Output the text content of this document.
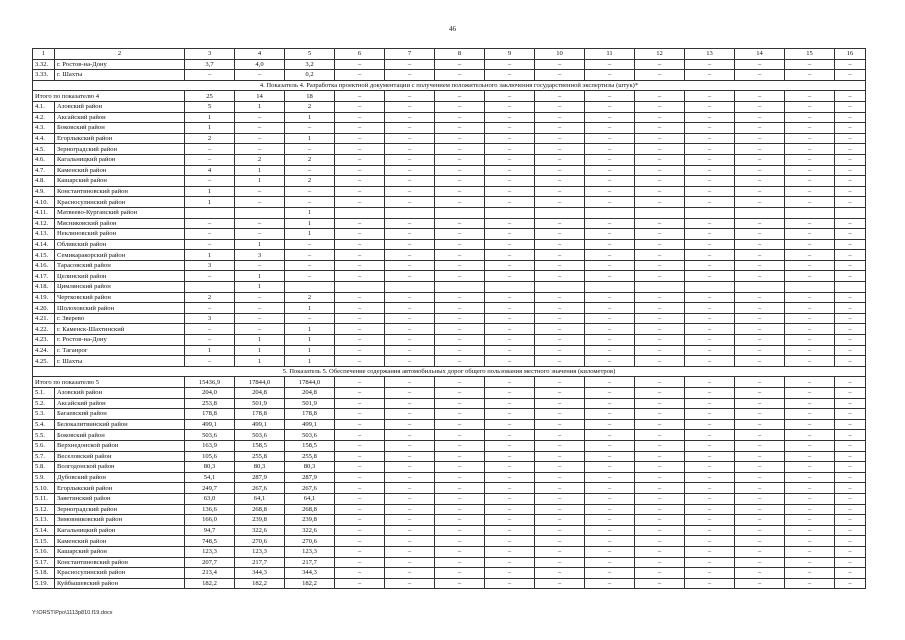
46
1	2	3	4	5	6	7	8	9	10	11	12	13	14	15	16
3.32.	г. Ростов-на-Дону	3,7	4,0	3,2	–	–	–	–	–	–	–	–	–	–	–
3.33.	г. Шахты	–	–	0,2	–	–	–	–	–	–	–	–	–	–	–
4. Показатель 4. Разработка проектной документации с получением положительного заключения государственной экспертизы (штук)*															
Итого по показателю 4		25	14	18	–	–	–	–	–	–	–	–	–	–	–
4.1.	Азовский район	5	1	2	–	–	–	–	–	–	–	–	–	–	–
4.2.	Аксайский район	1	–	1	–	–	–	–	–	–	–	–	–	–	–
4.3.	Боковский район	1	–	–	–	–	–	–	–	–	–	–	–	–	–
4.4.	Егорлыкский район	2	–	1	–	–	–	–	–	–	–	–	–	–	–
4.5.	Зерноградский район	–	–	–	–	–	–	–	–	–	–	–	–	–	–
4.6.	Кагальницкий район	–	2	2	–	–	–	–	–	–	–	–	–	–	–
4.7.	Каменский район	4	1	–	–	–	–	–	–	–	–	–	–	–	–
4.8.	Кашарский район	–	1	2	–	–	–	–	–	–	–	–	–	–	–
4.9.	Константиновский район	1	–	–	–	–	–	–	–	–	–	–	–	–	–
4.10.	Красносулинский район	1	–	–	–	–	–	–	–	–	–	–	–	–	–
4.11.	Матвеево-Курганский район			1											
4.12.	Мясниковский район	–	–	1	–	–	–	–	–	–	–	–	–	–	–
4.13.	Неклиновский район	–	–	1	–	–	–	–	–	–	–	–	–	–	–
4.14.	Обливский район	–	1	–	–	–	–	–	–	–	–	–	–	–	–
4.15.	Семикаракорский район	1	3	–	–	–	–	–	–	–	–	–	–	–	–
4.16.	Тарасовский район	3	–	–	–	–	–	–	–	–	–	–	–	–	–
4.17.	Целинский район	–	1	–	–	–	–	–	–	–	–	–	–	–	–
4.18.	Цимлянский район		1												
4.19.	Чертковский район	2	–	2	–	–	–	–	–	–	–	–	–	–	–
4.20.	Шолоховский район	–	–	1	–	–	–	–	–	–	–	–	–	–	–
4.21.	г. Зверево	3	–	–	–	–	–	–	–	–	–	–	–	–	–
4.22.	г. Каменск-Шахтинский	–	–	1	–	–	–	–	–	–	–	–	–	–	–
4.23.	г. Ростов-на-Дону	–	1	1	–	–	–	–	–	–	–	–	–	–	–
4.24.	г. Таганрог	1	1	1	–	–	–	–	–	–	–	–	–	–	–
4.25.	г. Шахты	–	1	1	–	–	–	–	–	–	–	–	–	–	–
5. Показатель 5. Обеспечение содержания автомобильных дорог общего пользования местного значения (километров)															
Итого по показателю 5		15436,9	17844,0	17844,0	–	–	–	–	–	–	–	–	–	–	–
5.1.	Азовский район	204,0	204,8	204,8	–	–	–	–	–	–	–	–	–	–	–
5.2.	Аксайский район	253,8	501,9	501,9	–	–	–	–	–	–	–	–	–	–	–
5.3.	Багаевский район	178,8	178,8	178,8	–	–	–	–	–	–	–	–	–	–	–
5.4.	Белокалитвинский район	499,1	499,1	499,1	–	–	–	–	–	–	–	–	–	–	–
5.5.	Боковский район	503,6	503,6	503,6	–	–	–	–	–	–	–	–	–	–	–
5.6.	Верхнедонской район	163,9	158,5	158,5	–	–	–	–	–	–	–	–	–	–	–
5.7.	Веселовский район	105,6	255,8	255,8	–	–	–	–	–	–	–	–	–	–	–
5.8.	Волгодонской район	80,3	80,3	80,3	–	–	–	–	–	–	–	–	–	–	–
5.9.	Дубовский район	54,1	287,9	287,9	–	–	–	–	–	–	–	–	–	–	–
5.10.	Егорлыкский район	249,7	267,6	267,6	–	–	–	–	–	–	–	–	–	–	–
5.11.	Заветинский район	63,0	64,1	64,1	–	–	–	–	–	–	–	–	–	–	–
5.12.	Зерноградский район	136,6	268,8	268,8	–	–	–	–	–	–	–	–	–	–	–
5.13.	Зимовниковский район	166,0	239,8	239,8	–	–	–	–	–	–	–	–	–	–	–
5.14.	Кагальницкий район	94,7	322,6	322,6	–	–	–	–	–	–	–	–	–	–	–
5.15.	Каменский район	748,5	270,6	270,6	–	–	–	–	–	–	–	–	–	–	–
5.16.	Кашарский район	123,3	123,3	123,3	–	–	–	–	–	–	–	–	–	–	–
5.17.	Константиновский район	207,7	217,7	217,7	–	–	–	–	–	–	–	–	–	–	–
5.18.	Красносулинский район	213,4	344,3	344,3	–	–	–	–	–	–	–	–	–	–	–
5.19.	Куйбышевский район	182,2	182,2	182,2	–	–	–	–	–	–	–	–	–	–	–
Y:\ORST\Ppo\1113p810.f19.docx
